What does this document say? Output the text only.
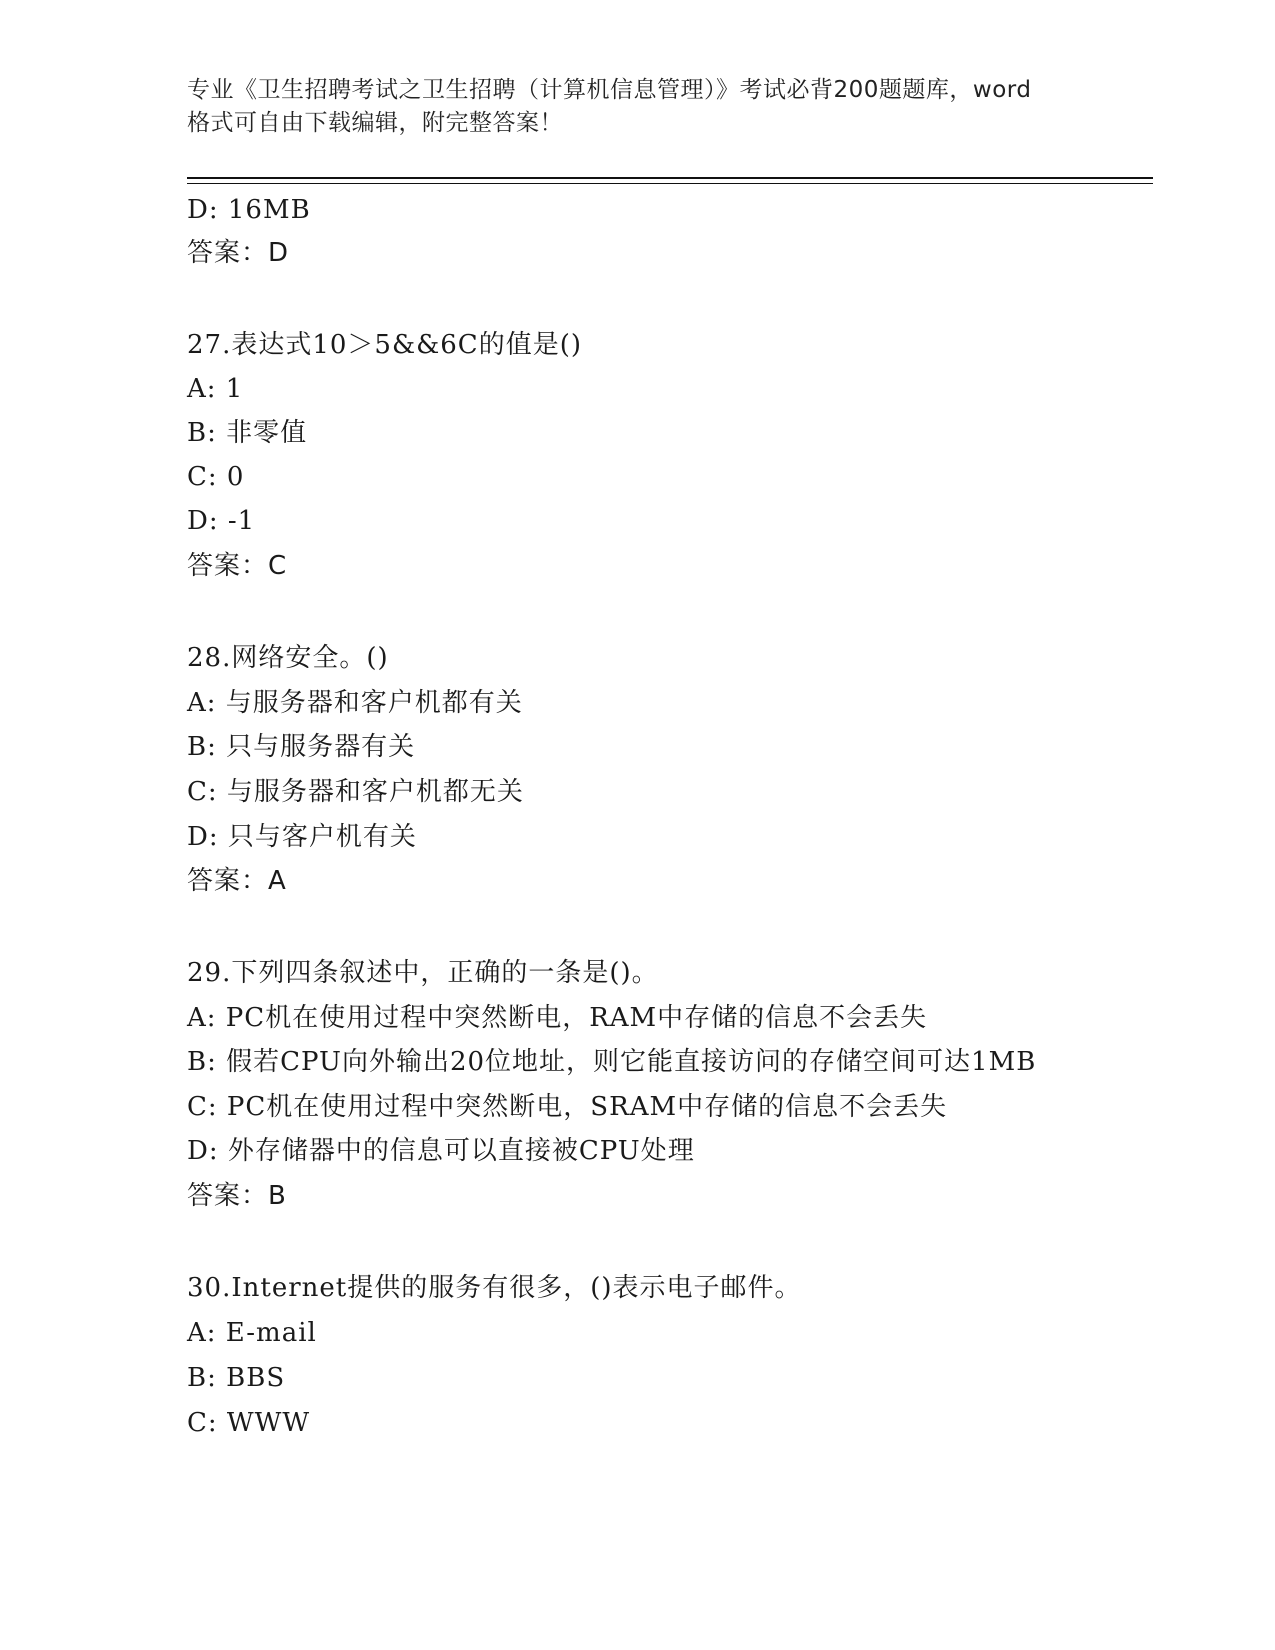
专业《卫生招聘考试之卫生招聘（计算机信息管理）》考试必背200题题库，word
格式可自由下载编辑，附完整答案！
D: 16MB
答案：D
27.表达式10＞5&&6C的值是()
A: 1
B: 非零值
C: 0
D: -1
答案：C
28.网络安全。()
A: 与服务器和客户机都有关
B: 只与服务器有关
C: 与服务器和客户机都无关
D: 只与客户机有关
答案：A
29.下列四条叙述中，正确的一条是()。
A: PC机在使用过程中突然断电，RAM中存储的信息不会丢失
B: 假若CPU向外输出20位地址，则它能直接访问的存储空间可达1MB
C: PC机在使用过程中突然断电，SRAM中存储的信息不会丢失
D: 外存储器中的信息可以直接被CPU处理
答案：B
30.Internet提供的服务有很多，()表示电子邮件。
A: E-mail
B: BBS
C: WWW
